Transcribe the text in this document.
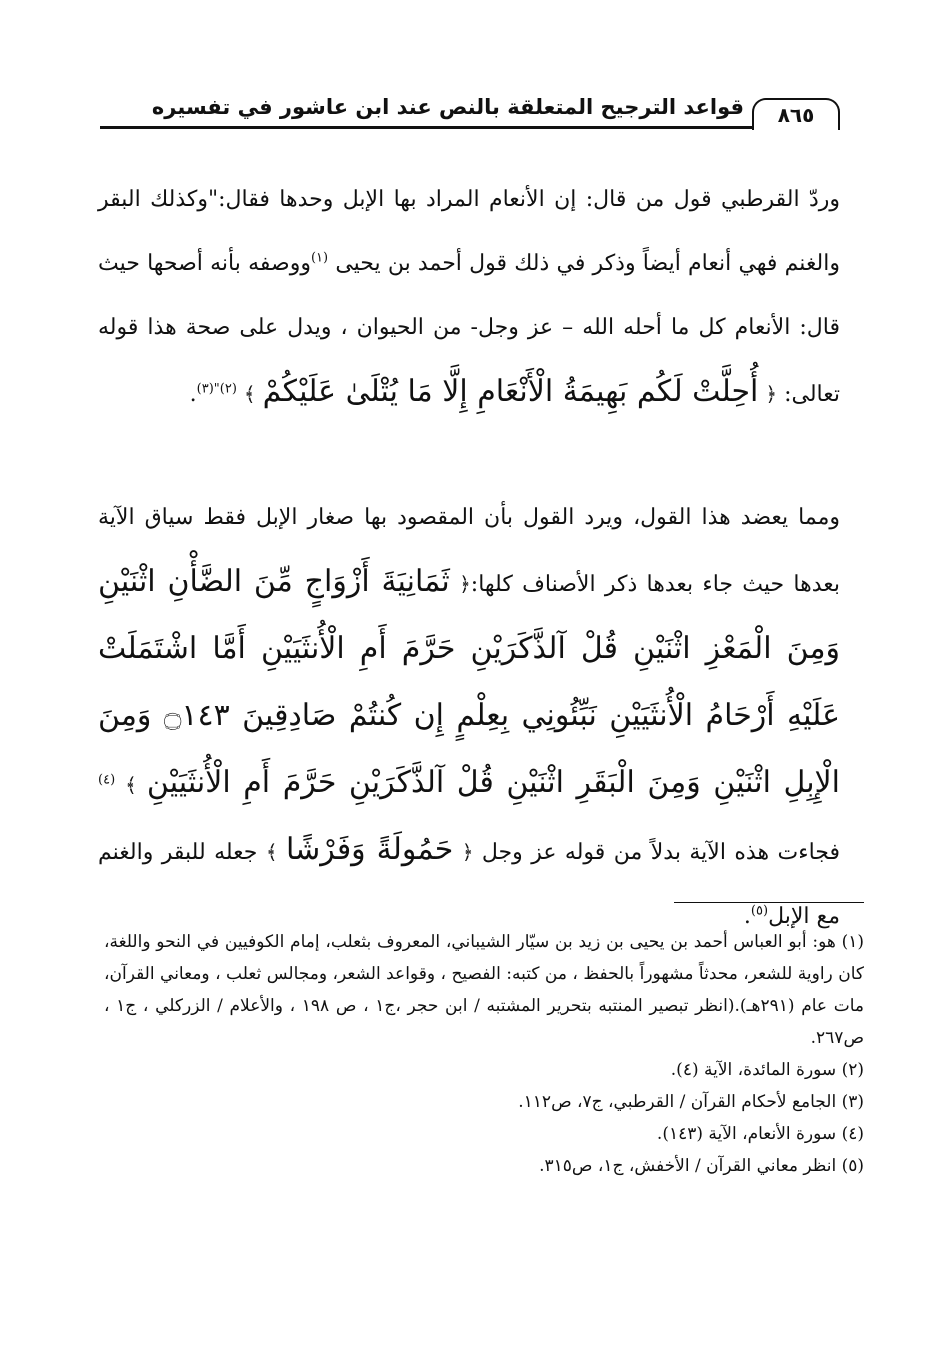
قواعد الترجيح المتعلقة بالنص عند ابن عاشور في تفسيره	٨٦٥
وردّ القرطبي قول من قال: إن الأنعام المراد بها الإبل وحدها فقال:"وكذلك البقر والغنم فهي أنعام أيضاً وذكر في ذلك قول أحمد بن يحيى $^{(١)}$ووصفه بأنه أصحها حيث قال: الأنعام كل ما أحله الله – عز وجل- من الحيوان ، ويدل على صحة هذا قوله تعالى: ﴿ أُحِلَّتْ لَكُم بَهِيمَةُ الْأَنْعَامِ إِلَّا مَا يُتْلَىٰ عَلَيْكُمْ ﴾ $^{(٢)"(٣)}$.
ومما يعضد هذا القول، ويرد القول بأن المقصود بها صغار الإبل فقط سياق الآية بعدها حيث جاء بعدها ذكر الأصناف كلها:﴿ ثَمَانِيَةَ أَزْوَاجٍ مِّنَ الضَّأْنِ اثْنَيْنِ وَمِنَ الْمَعْزِ اثْنَيْنِ قُلْ آلذَّكَرَيْنِ حَرَّمَ أَمِ الْأُنثَيَيْنِ أَمَّا اشْتَمَلَتْ عَلَيْهِ أَرْحَامُ الْأُنثَيَيْنِ نَبِّئُونِي بِعِلْمٍ إِن كُنتُمْ صَادِقِينَ ۝١٤٣ وَمِنَ الْإِبِلِ اثْنَيْنِ وَمِنَ الْبَقَرِ اثْنَيْنِ قُلْ آلذَّكَرَيْنِ حَرَّمَ أَمِ الْأُنثَيَيْنِ ﴾ $^{(٤)}$ فجاءت هذه الآية بدلاً من قوله عز وجل ﴿ حَمُولَةً وَفَرْشًا ﴾ جعله للبقر والغنم مع الإبل$^{(٥)}$.

(١) هو: أبو العباس أحمد بن يحيى بن زيد بن سيّار الشيباني، المعروف بثعلب، إمام الكوفيين في النحو واللغة، كان راوية للشعر، محدثاً مشهوراً بالحفظ ، من كتبه: الفصيح ، وقواعد الشعر، ومجالس ثعلب ، ومعاني القرآن، مات عام (٢٩١هـ).(انظر تبصير المنتبه بتحرير المشتبه / ابن حجر ،ج١ ، ص ١٩٨ ، والأعلام / الزركلي ، ج١ ، ص٢٦٧.

(٢) سورة المائدة، الآية (٤).

(٣) الجامع لأحكام القرآن / القرطبي، ج٧، ص١١٢.

(٤) سورة الأنعام، الآية (١٤٣).

(٥) انظر معاني القرآن / الأخفش، ج١، ص٣١٥.
